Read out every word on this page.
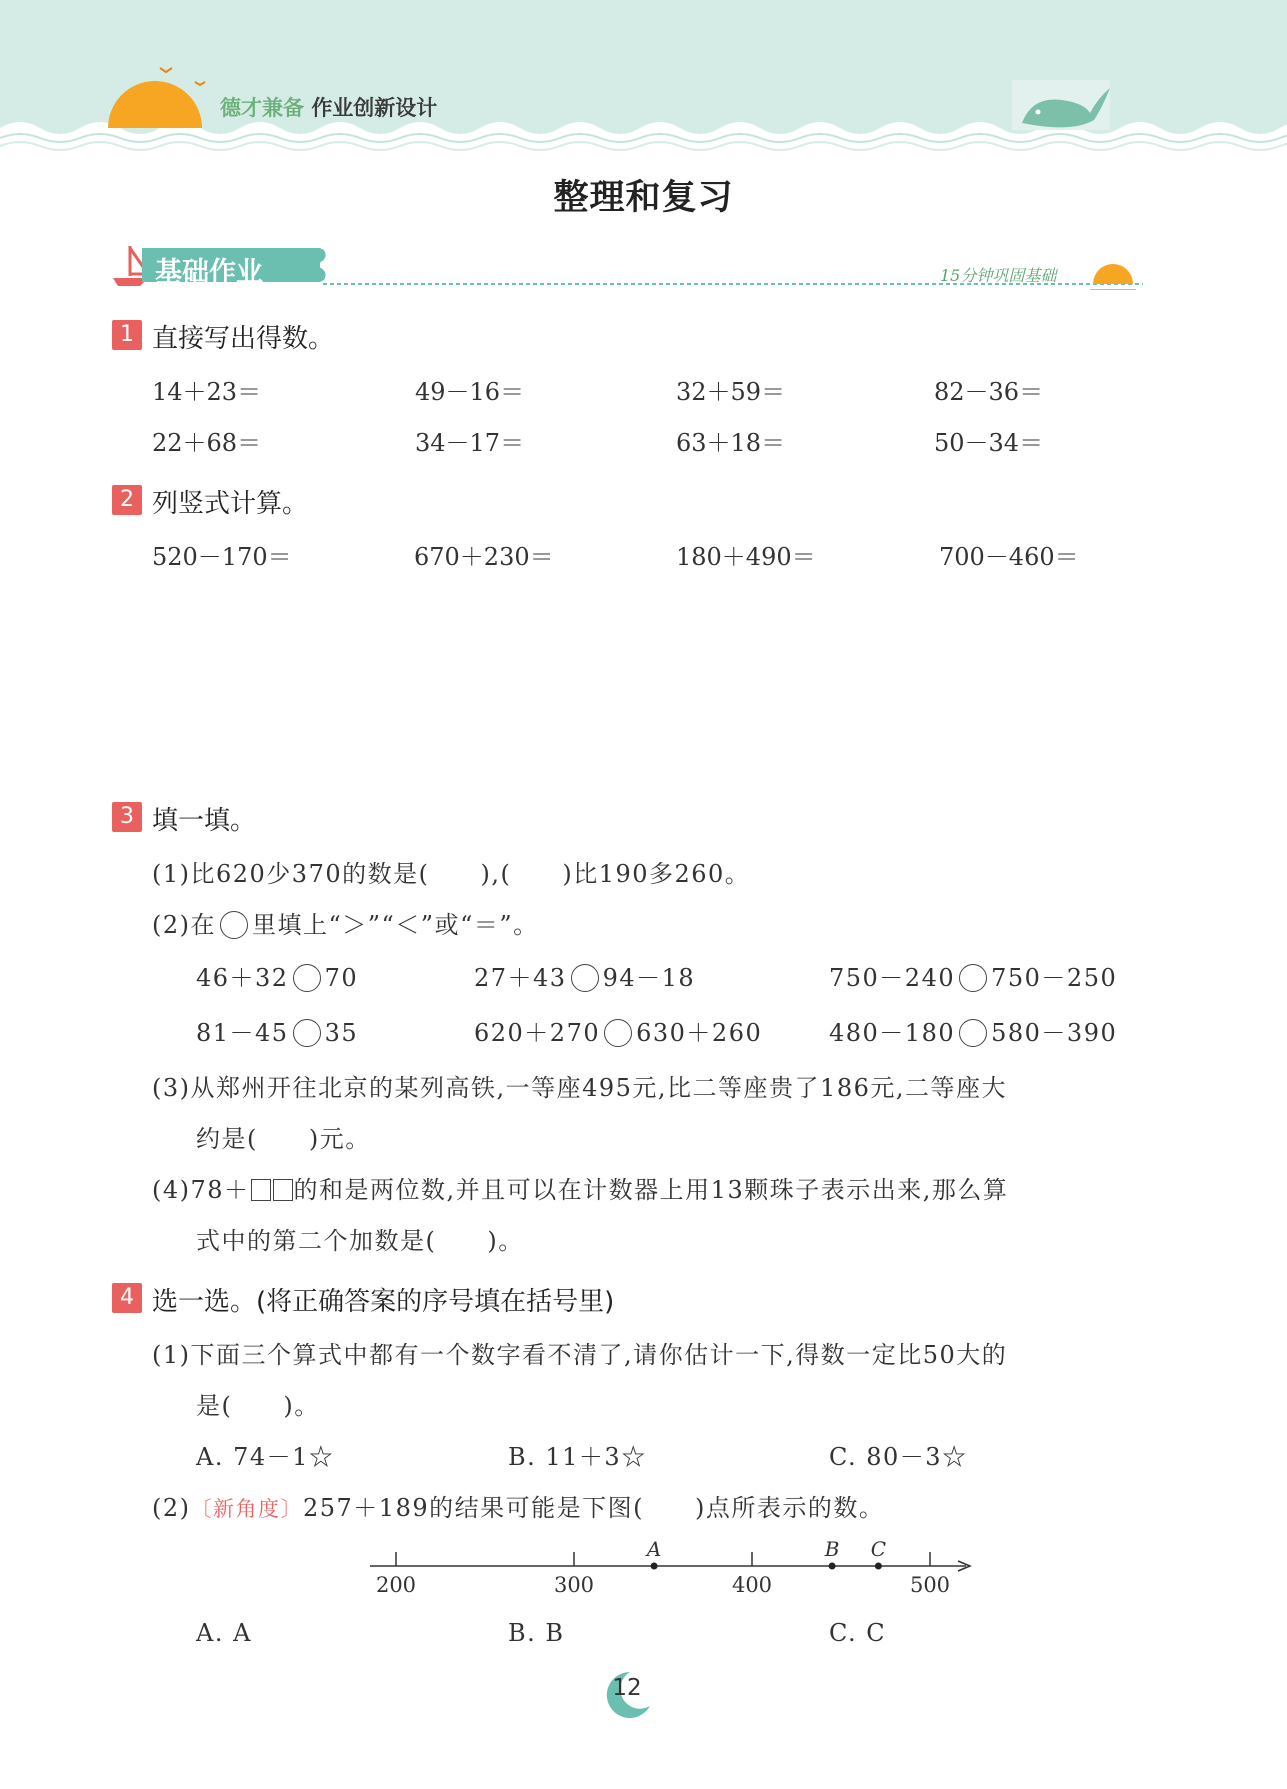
德才兼备 作业创新设计
整理和复习
基础作业	15分钟巩固基础
1 直接写出得数。
14＋23＝	49－16＝	32＋59＝	82－36＝
22＋68＝	34－17＝	63＋18＝	50－34＝
2 列竖式计算。
520－170＝	670＋230＝	180＋490＝	700－460＝
3 填一填。
(1)比620少370的数是(　　),(　　)比190多260。
(2)在 里填上“＞”“＜”或“＝”。
46＋32 70	27＋43 94－18	750－240 750－250
81－45 35	620＋270 630＋260	480－180 580－390
(3)从郑州开往北京的某列高铁,一等座495元,比二等座贵了186元,二等座大
约是(　　)元。
(4)78＋ 的和是两位数,并且可以在计数器上用13颗珠子表示出来,那么算
式中的第二个加数是(　　)。
4 选一选。(将正确答案的序号填在括号里)
(1)下面三个算式中都有一个数字看不清了,请你估计一下,得数一定比50大的
是(　　)。
A. 74－1☆	B. 11＋3☆	C. 80－3☆
(2)〔新角度〕257＋189的结果可能是下图(　　)点所表示的数。
200	300	400	500
A	B C
A. A	B. B	C. C
12
